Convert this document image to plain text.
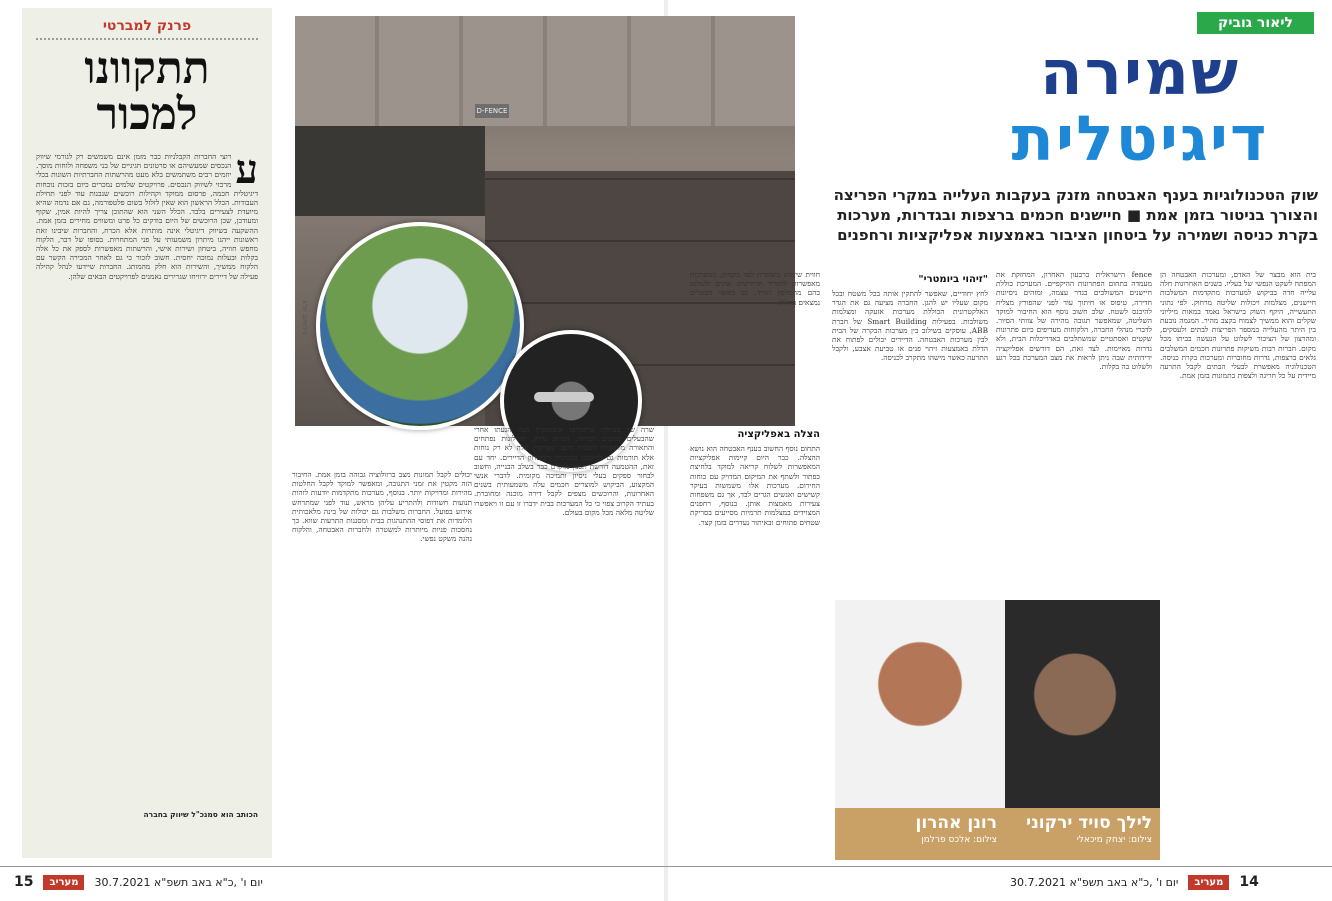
פרנק למברטי
תתקוונו למכור
ע
רוצי החברות הקבלניות כבר מזמן אינם משמשים רק לגורמי שיווק הנכסים שמעשיהם או סרטונים חגיגיים של בני משפחה ולוחות מוסך. יוזמים רבים משתמשים בלא מעט מהרשתות החברתיות השונות בכלי מרכזי לשיווק הנכסים. פרויקטים שלמים נמכרים כיום בזכות נוכחות דיגיטלית חכמה, פרסום ממוקד וקהילות רוכשים שנבנות עוד לפני תחילת העבודות. הכלל הראשון הוא שאין לזלזל בשום פלטפורמה, גם אם נדמה שהיא מיועדת לצעירים בלבד. הכלל השני הוא שהתוכן צריך להיות אמין, שקוף ומעודכן, שכן הרוכשים של היום בודקים כל פרט ומשווים מחירים בזמן אמת. ההשקעה בשיווק דיגיטלי אינה מותרות אלא הכרח, והחברות שיבינו זאת ראשונות ייהנו מיתרון משמעותי על פני המתחרות. בסופו של דבר, הלקוח מחפש חוויה, ביטחון ושירות אישי, והרשתות מאפשרות לספק את כל אלה בקלות ובעלות נמוכה יחסית. חשוב לזכור כי גם לאחר המכירה הקשר עם הלקוח ממשיך, והשירות הוא חלק מהמותג. החברות שיידעו לנהל קהילה פעילה של דיירים ירוויחו שגרירים נאמנים לפרויקטים הבאים שלהן.
הכותב הוא סמנכ"ל שיווק בחברה
D-FENCE
צילומים: יח"צ
שרה של פעולות שיתקיימו אוטומטית בעת הגעתו אחרי שהבעלים מגיעים הביתה, המיזוג נדלק, הווילונות נפתחים והתאורה מותאמת לשעות היום. מערכות אלה לא רק נוחות אלא תורמות גם לחיסכון באנרגיה ולביטחון הדיירים. יחד עם זאת, ההטמעה דורשת תכנון מוקדם כבר בשלב הבנייה, וחשוב לבחור ספקים בעלי ניסיון ותמיכה מקומית. לדברי אנשי המקצוע, הביקוש למוצרים חכמים עלה משמעותית בשנים האחרונות, והרוכשים מצפים לקבל דירה מוכנה ומחוברת. בעתיד הקרוב צפוי כי כל המערכות בבית ידברו זו עם זו ויאפשרו שליטה מלאה מכל מקום בעולם.
יכולים לקבל תמונות מצב ברזולוציה גבוהה בזמן אמת. החיבור הזה מקטין את זמני התגובה, ומאפשר למוקד לקבל החלטות מהירות ומדויקות יותר. בנוסף, מערכות מתקדמות יודעות לזהות תנועות חשודות ולהתריע עליהן מראש, עוד לפני שמתרחש אירוע בפועל. החברות משלבות גם יכולות של בינה מלאכותית הלומדות את דפוסי ההתנהגות בבית ומסננות התרעות שווא. כך נחסכות פניות מיותרות למשטרה ולחברות האבטחה, והלקוח נהנה משקט נפשי.
ליאור גוביק
שמירה
דיגיטלית
שוק הטכנולוגיות בענף האבטחה מזנק בעקבות העלייה במקרי הפריצה והצורך בניטור בזמן אמת ■ חיישנים חכמים ברצפות ובגדרות, מערכות בקרת כניסה ושמירה על ביטחון הציבור באמצעות אפליקציות ורחפנים
בית הוא מבצר של האדם, ומערכות האבטחה הן המפתח לשקט הנפשי של בעליו. בשנים האחרונות חלה עלייה חדה בביקוש למערכות מתקדמות המשלבות חיישנים, מצלמות ויכולות שליטה מרחוק. לפי נתוני התעשייה, היקף השוק בישראל נאמד במאות מיליוני שקלים והוא ממשיך לצמוח בקצב מהיר. המגמה נובעת בין היתר מהעלייה במספר הפריצות לבתים ולעסקים, ומהרצון של הציבור לשלוט על הנעשה בביתו מכל מקום. חברות רבות משיקות פתרונות חכמים המשלבים גלאים ברצפות, גדרות מחוברות ומערכות בקרת כניסה. הטכנולוגיה מאפשרת לבעלי הבתים לקבל התרעה מיידית על כל חריגה ולצפות בתמונות בזמן אמת.
fence הישראלית ברבעון האחרון, המחזקת את מעמדה בתחום הפתרונות ההיקפיים. המערכת כוללת חיישנים המשולבים בגדר עצמה, ומזהים ניסיונות חדירה, טיפוס או חיתוך עוד לפני שהפורץ מצליח להיכנס לשטח. שלב חשוב נוסף הוא החיבור למוקד השליטה, שמאפשר תגובה מהירה של צוותי הסיור. לדברי מנהלי החברה, הלקוחות מעדיפים כיום פתרונות שקטים ואסתטיים שמשתלבים באדריכלות הבית, ולא גדרות מאיימות. לצד זאת, הם דורשים אפליקציה ידידותית שבה ניתן לראות את מצב המערכת בכל רגע ולשלוט בה בקלות.
"זיהוי ביומטרי"
לחץ יחודיים, שאפשר להתקין אותה בכל משטח ובכל מקום שעליו יש להגן. החברה מציעה גם את הגדר האלקטרונית הכוללת מערכות אזעקה ומצלמות משולבות. בפעילות Smart Building של חברת ABB, עוסקים בשילוב בין מערכות הבקרה של הבית לבין מערכות האבטחה. הדיירים יכולים לפתוח את הדלת באמצעות זיהוי פנים או טביעת אצבע, ולקבל התרעה כאשר מישהו מתקרב לכניסה.
חווית שימוש משופרת לצד ביטחון, המערכות מאפשרות להגדיר תרחישים שונים ולשלוט בהם מהטלפון הנייד, גם כאשר הבעלים נמצאים בחו"ל.
הצלה באפליקציה
התחום נוסף החשוב בענף האבטחה הוא נושא ההצלה. כבר היום קיימות אפליקציות המאפשרות לשלוח קריאה למוקד בלחיצת כפתור ולשתף את המיקום המדויק עם כוחות החירום. מערכות אלו משמשות בעיקר קשישים ואנשים הגרים לבד, אך גם משפחות צעירות מאמצות אותן. בנוסף, רחפנים המצוידים במצלמות תרמיות מסייעים בסריקת שטחים פתוחים ובאיתור נעדרים בזמן קצר.
לילך סויד ירקוני
צילום: יצחק מיכאלי
רונן אהרון
צילום: אלכס פרלמן
15	מעריב	יום ו' ,כ"א באב תשפ"א 30.7.2021	יום ו' ,כ"א באב תשפ"א 30.7.2021	מעריב	14
